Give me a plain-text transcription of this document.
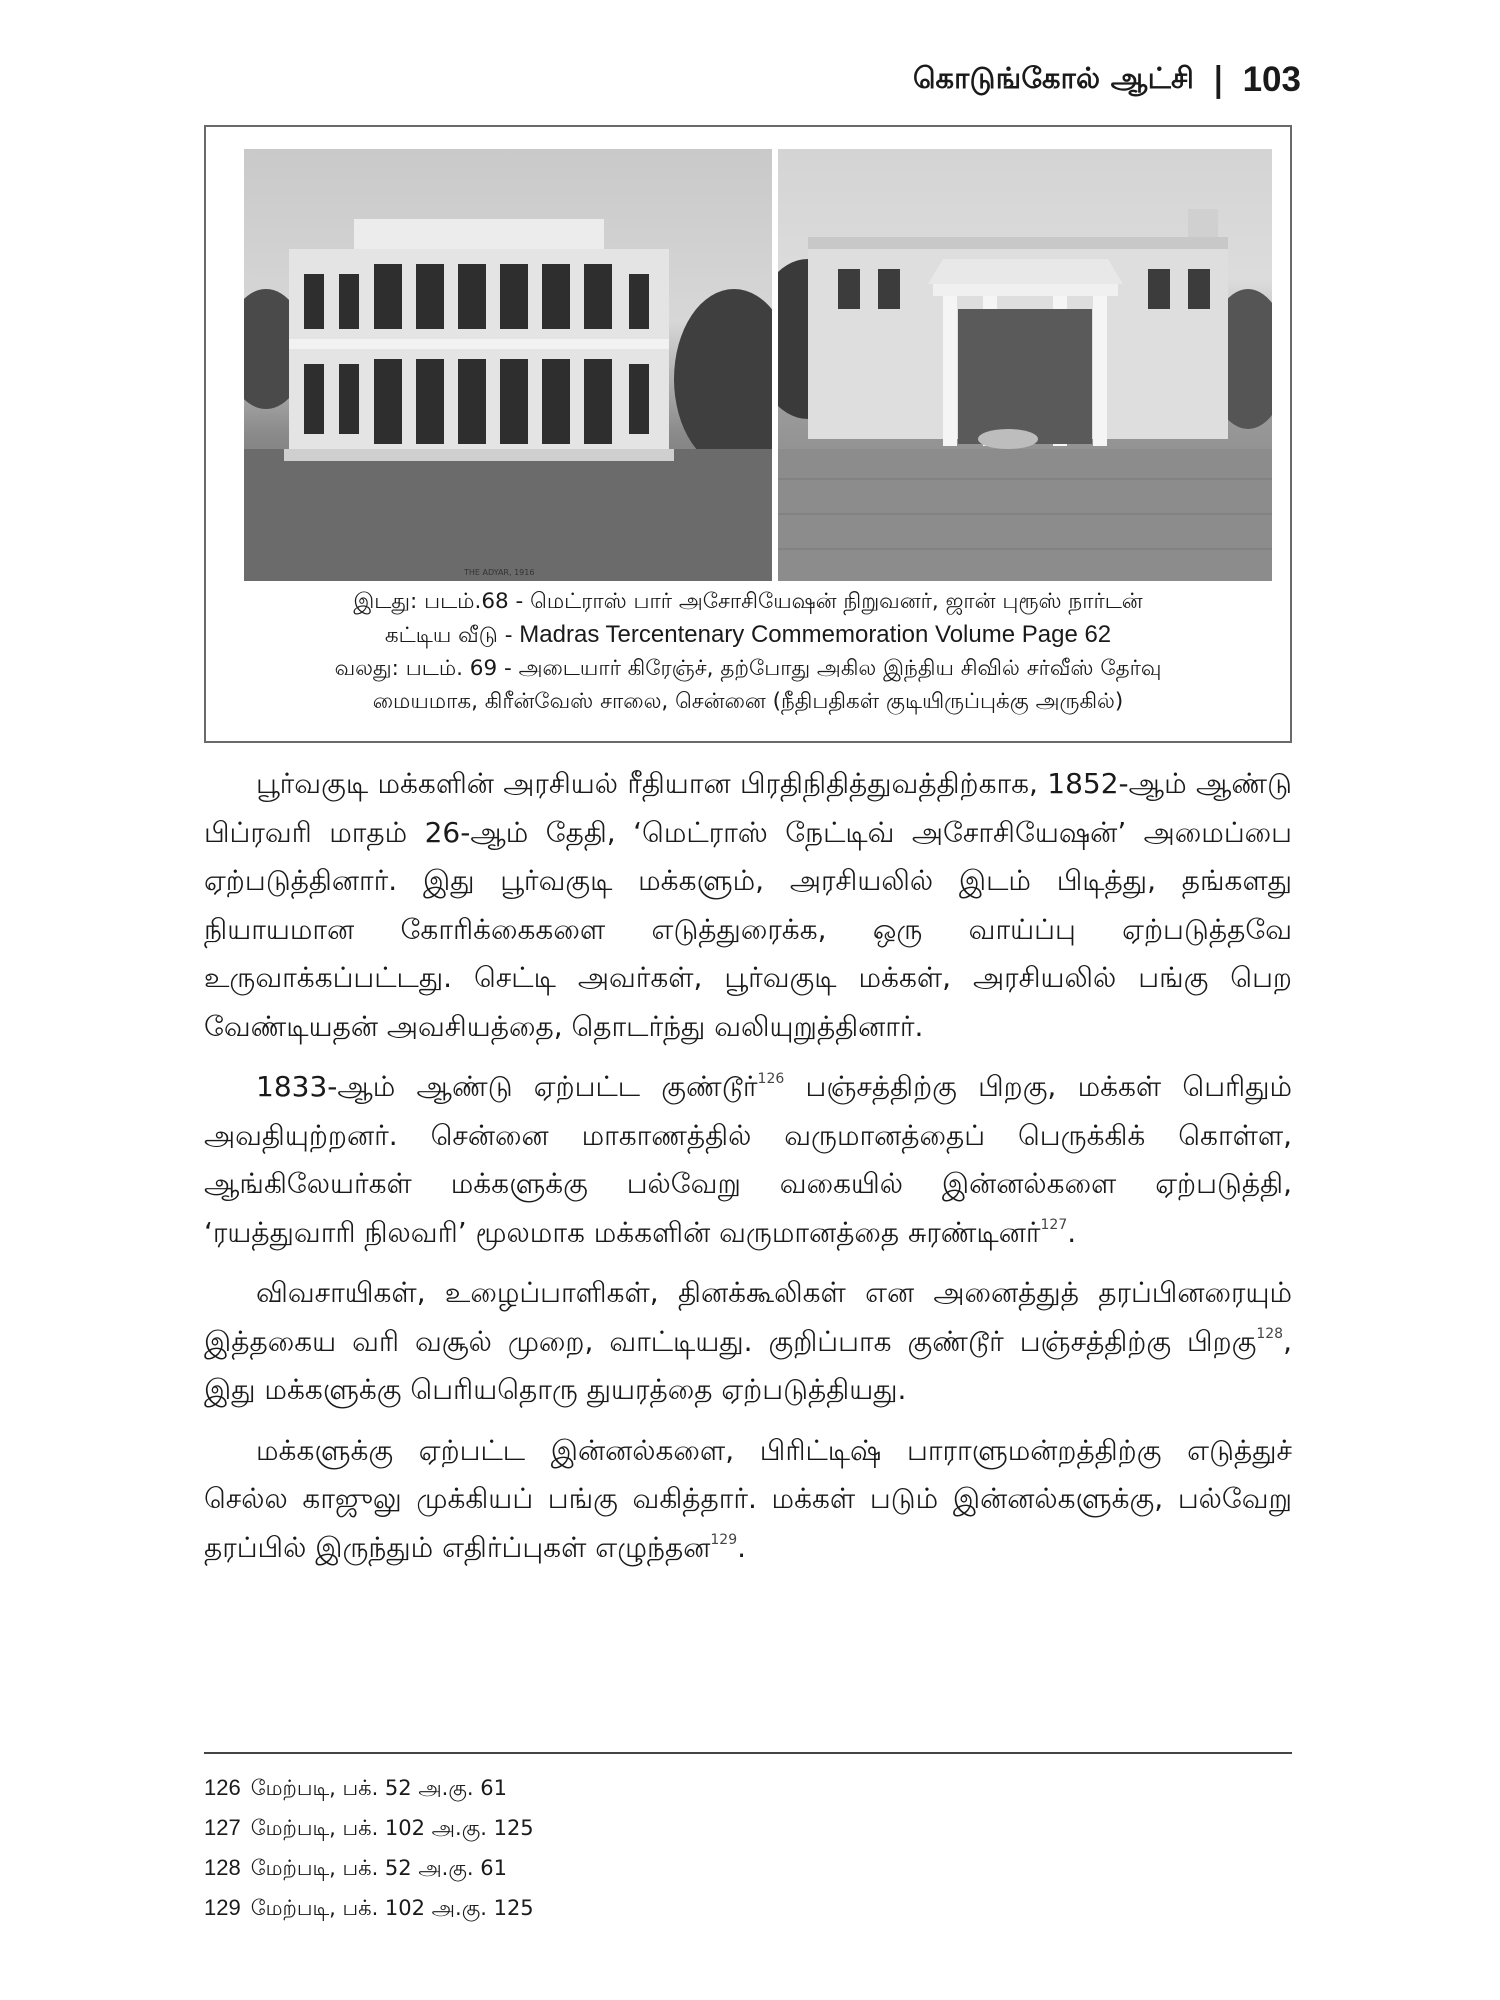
கொடுங்கோல் ஆட்சி | 103
THE ADYAR, 1916
இடது: படம்.68 - மெட்ராஸ் பார் அசோசியேஷன் நிறுவனர், ஜான் புரூஸ் நார்டன்
கட்டிய வீடு - Madras Tercentenary Commemoration Volume Page 62
வலது: படம். 69 - அடையார் கிரேஞ்ச், தற்போது அகில இந்திய சிவில் சர்வீஸ் தேர்வு
மையமாக, கிரீன்வேஸ் சாலை, சென்னை (நீதிபதிகள் குடியிருப்புக்கு அருகில்)

பூர்வகுடி மக்களின் அரசியல் ரீதியான பிரதிநிதித்துவத்திற்காக, 1852-ஆம் ஆண்டு பிப்ரவரி மாதம் 26-ஆம் தேதி, ‘மெட்ராஸ் நேட்டிவ் அசோசியேஷன்’ அமைப்பை ஏற்படுத்தினார். இது பூர்வகுடி மக்களும், அரசியலில் இடம் பிடித்து, தங்களது நியாயமான கோரிக்கைகளை எடுத்துரைக்க, ஒரு வாய்ப்பு ஏற்படுத்தவே உருவாக்கப்பட்டது. செட்டி அவர்கள், பூர்வகுடி மக்கள், அரசியலில் பங்கு பெற வேண்டியதன் அவசியத்தை, தொடர்ந்து வலியுறுத்தினார்.

1833-ஆம் ஆண்டு ஏற்பட்ட குண்டூர்$^{126}$ பஞ்சத்திற்கு பிறகு, மக்கள் பெரிதும் அவதியுற்றனர். சென்னை மாகாணத்தில் வருமானத்தைப் பெருக்கிக் கொள்ள, ஆங்கிலேயர்கள் மக்களுக்கு பல்வேறு வகையில் இன்னல்களை ஏற்படுத்தி, ‘ரயத்துவாரி நிலவரி’ மூலமாக மக்களின் வருமானத்தை சுரண்டினர்$^{127}$.

விவசாயிகள், உழைப்பாளிகள், தினக்கூலிகள் என அனைத்துத் தரப்பினரையும் இத்தகைய வரி வசூல் முறை, வாட்டியது. குறிப்பாக குண்டூர் பஞ்சத்திற்கு பிறகு$^{128}$, இது மக்களுக்கு பெரியதொரு துயரத்தை ஏற்படுத்தியது.

மக்களுக்கு ஏற்பட்ட இன்னல்களை, பிரிட்டிஷ் பாராளுமன்றத்திற்கு எடுத்துச் செல்ல காஜுலு முக்கியப் பங்கு வகித்தார். மக்கள் படும் இன்னல்களுக்கு, பல்வேறு தரப்பில் இருந்தும் எதிர்ப்புகள் எழுந்தன$^{129}$.

126 மேற்படி, பக். 52 அ.கு. 61
127 மேற்படி, பக். 102 அ.கு. 125
128 மேற்படி, பக். 52 அ.கு. 61
129 மேற்படி, பக். 102 அ.கு. 125
